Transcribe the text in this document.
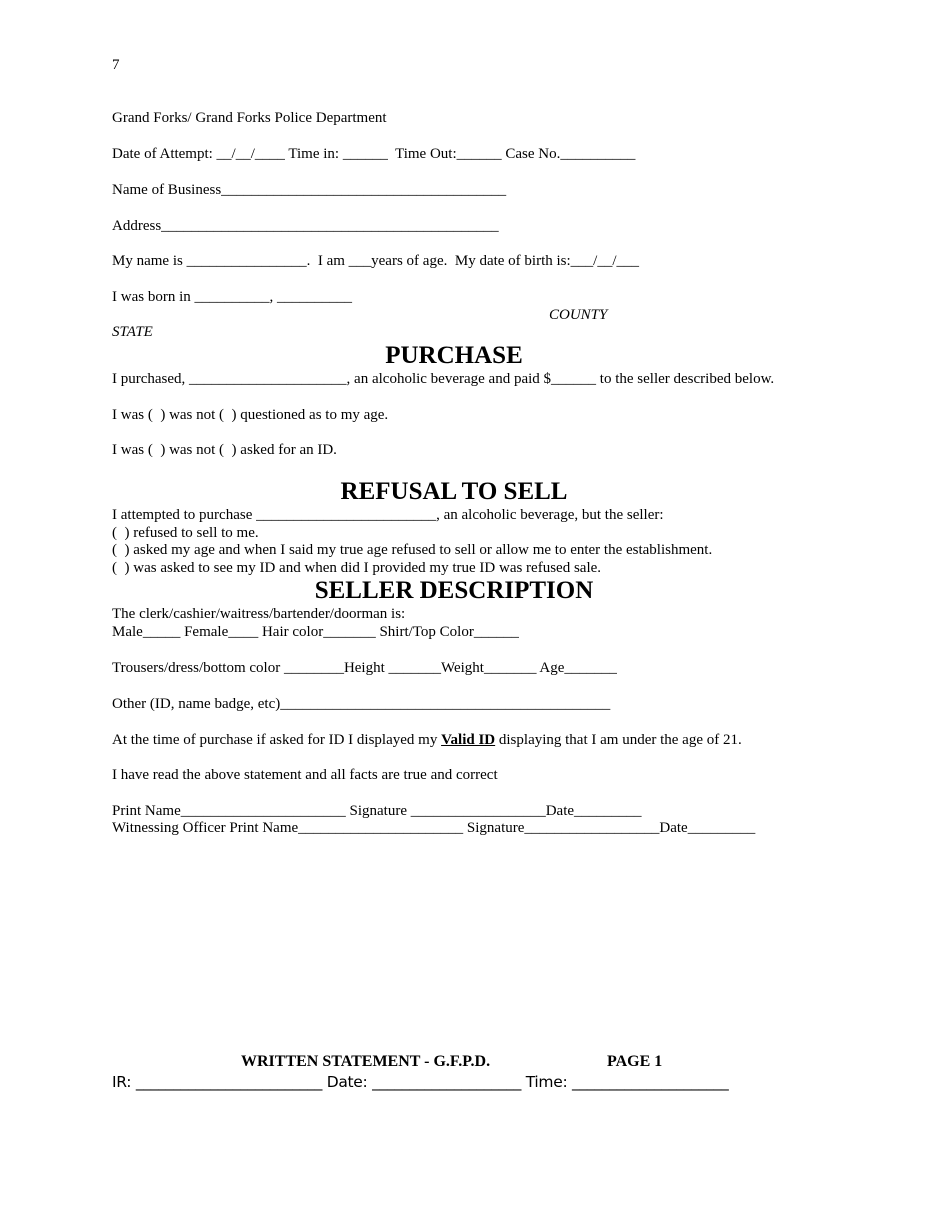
7
Grand Forks/ Grand Forks Police Department
Date of Attempt: __/__/____ Time in: ______  Time Out:______ Case No.__________
Name of Business______________________________________
Address_____________________________________________
My name is ________________.  I am ___years of age.  My date of birth is:___/__/___
I was born in __________, __________
COUNTY
STATE
PURCHASE
I purchased, _____________________, an alcoholic beverage and paid $______ to the seller described below.
I was (  ) was not (  ) questioned as to my age.
I was (  ) was not (  ) asked for an ID.
REFUSAL TO SELL
I attempted to purchase ________________________, an alcoholic beverage, but the seller:
(  ) refused to sell to me.
(  ) asked my age and when I said my true age refused to sell or allow me to enter the establishment.
(  ) was asked to see my ID and when did I provided my true ID was refused sale.
SELLER DESCRIPTION
The clerk/cashier/waitress/bartender/doorman is:
Male_____ Female____ Hair color_______ Shirt/Top Color______
Trousers/dress/bottom color ________Height _______Weight_______ Age_______
Other (ID, name badge, etc)____________________________________________
At the time of purchase if asked for ID I displayed my Valid ID displaying that I am under the age of 21.
I have read the above statement and all facts are true and correct
Print Name______________________ Signature __________________Date_________
Witnessing Officer Print Name______________________ Signature__________________Date_________
WRITTEN STATEMENT - G.F.P.D.	PAGE 1
IR: _________________________ Date: ____________________ Time: _____________________
